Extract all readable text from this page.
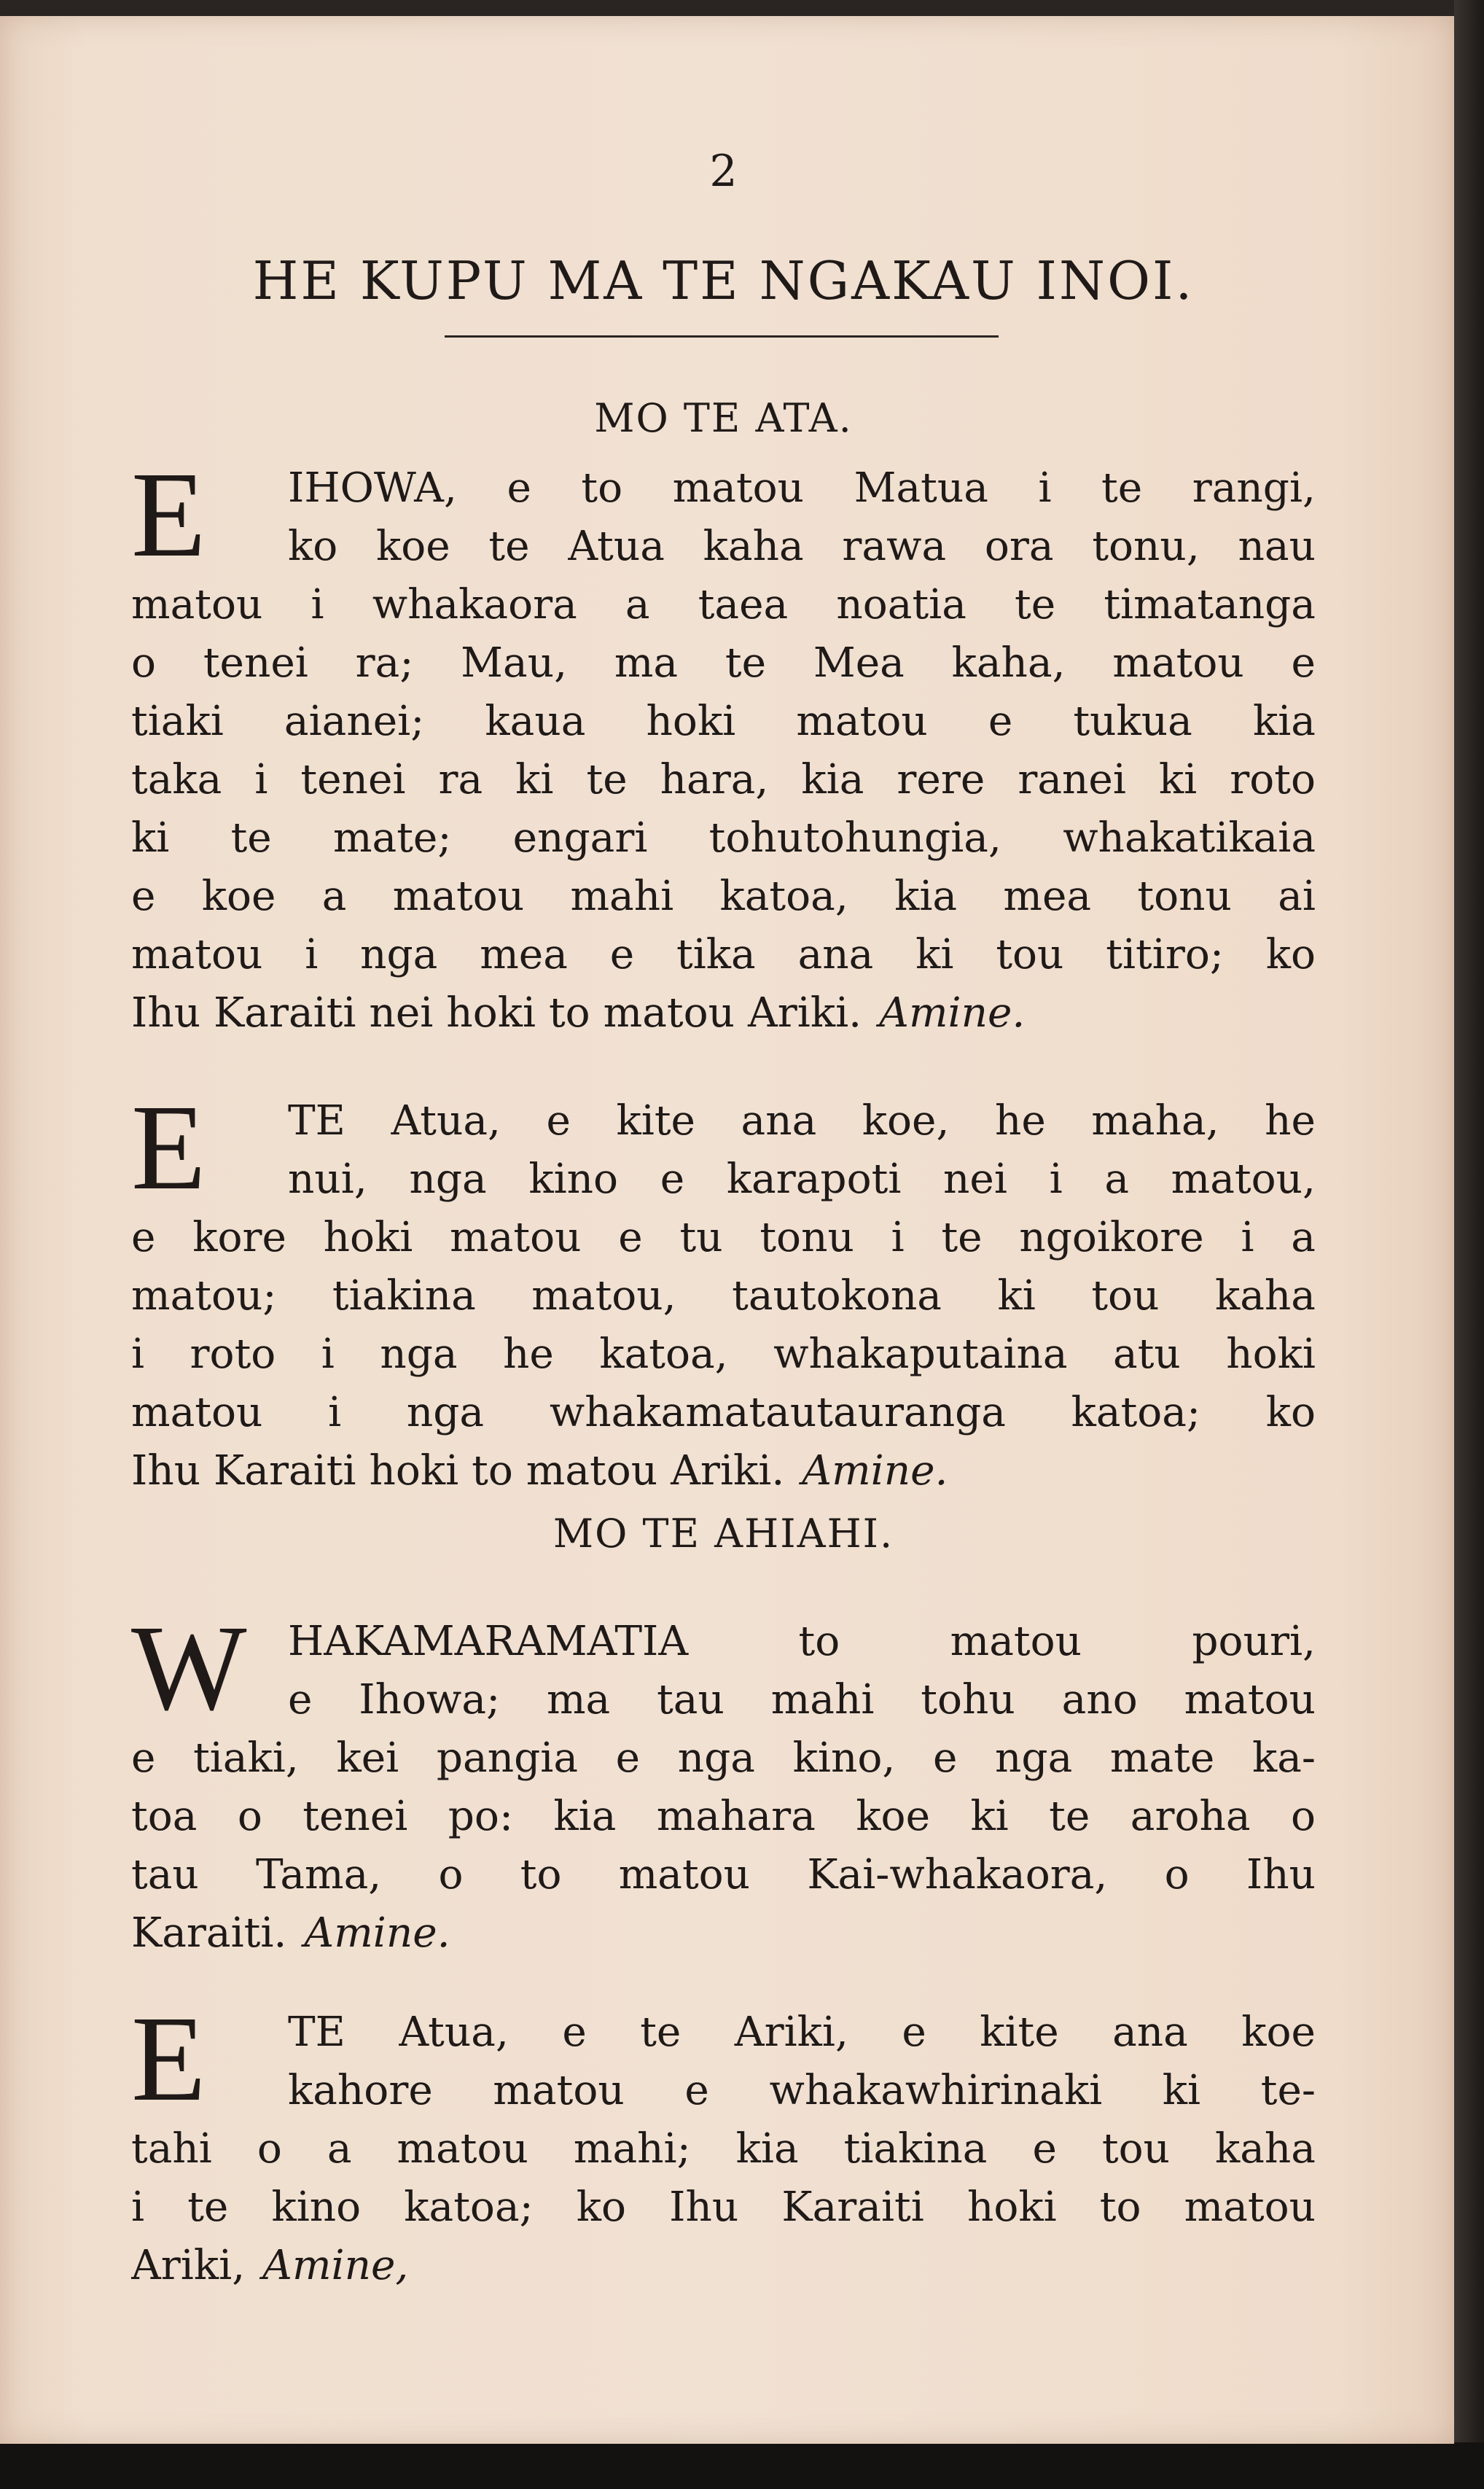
2
HE KUPU MA TE NGAKAU INOI.
MO TE ATA.
E	IHOWA, e to matou Matua i te rangi,
ko koe te Atua kaha rawa ora tonu, nau
matou i whakaora a taea noatia te timatanga
o tenei ra; Mau, ma te Mea kaha, matou e
tiaki aianei; kaua hoki matou e tukua kia
taka i tenei ra ki te hara, kia rere ranei ki roto
ki te mate; engari tohutohungia, whakatikaia
e koe a matou mahi katoa, kia mea tonu ai
matou i nga mea e tika ana ki tou titiro; ko
Ihu Karaiti nei hoki to matou Ariki. Amine.
E	TE Atua, e kite ana koe, he maha, he
nui, nga kino e karapoti nei i a matou,
e kore hoki matou e tu tonu i te ngoikore i a
matou; tiakina matou, tautokona ki tou kaha
i roto i nga he katoa, whakaputaina atu hoki
matou i nga whakamatautauranga katoa; ko
Ihu Karaiti hoki to matou Ariki. Amine.
MO TE AHIAHI.
W HAKAMARAMATIA to matou pouri,
e Ihowa; ma tau mahi tohu ano matou
e tiaki, kei pangia e nga kino, e nga mate ka-
toa o tenei po: kia mahara koe ki te aroha o
tau Tama, o to matou Kai-whakaora, o Ihu
Karaiti. Amine.
E	TE Atua, e te Ariki, e kite ana koe
kahore matou e whakawhirinaki ki te-
tahi o a matou mahi; kia tiakina e tou kaha
i te kino katoa; ko Ihu Karaiti hoki to matou
Ariki, Amine,
